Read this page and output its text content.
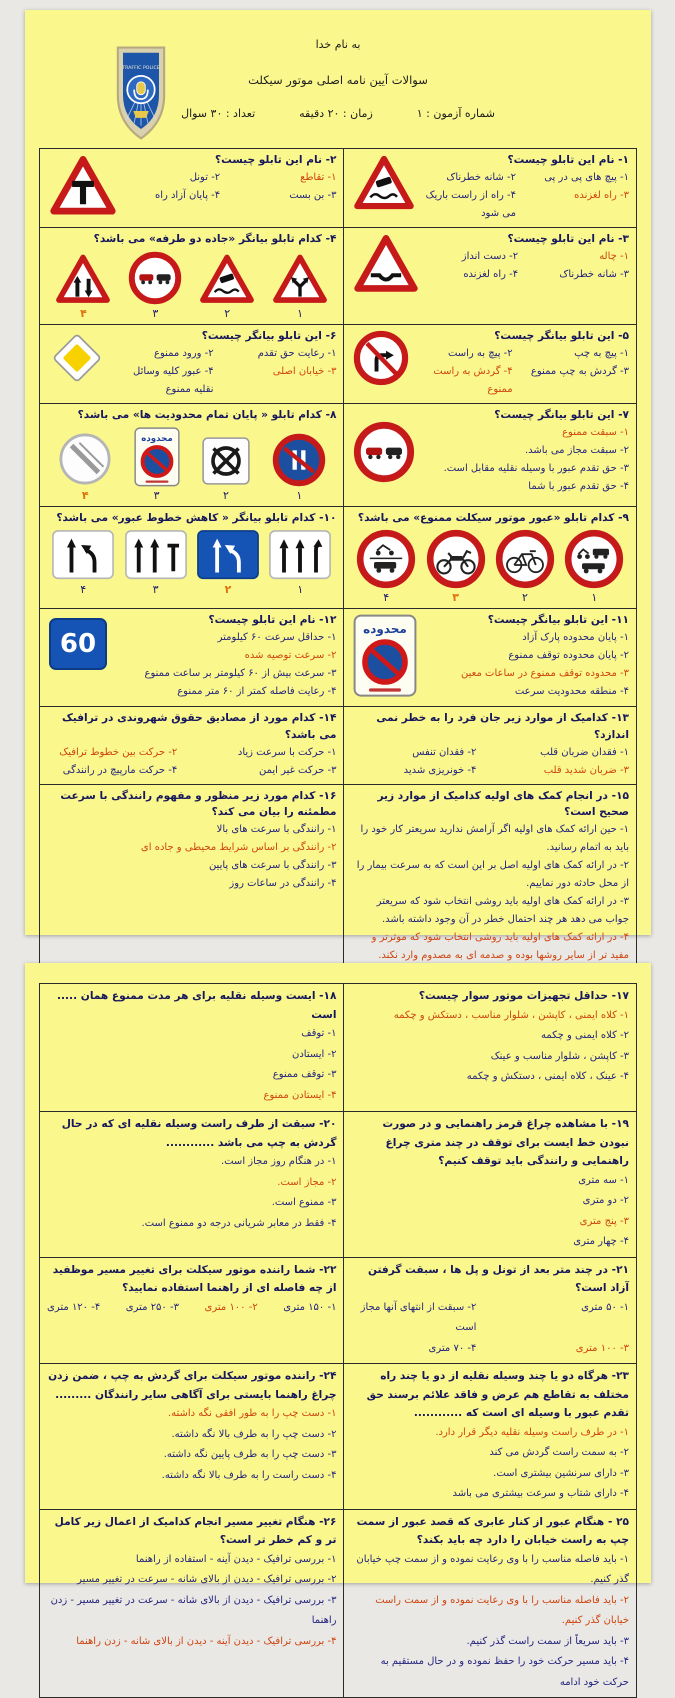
TRAFFIC POLICE
به نام خدا
سوالات آیین نامه اصلی موتور سیکلت
تعداد : ۳۰ سوال	زمان : ۲۰ دقیقه	شماره آزمون : ۱
۱- نام این تابلو چیست؟
۱- پیچ های پی در پی
۲- شانه خطرناک
۳- راه لغزنده
۴- راه از راست باریک می شود

۲- نام این تابلو چیست؟
۱- تقاطع
۲- تونل
۳- بن بست
۴- پایان آزاد راه

۳- نام این تابلو چیست؟
۱- چاله
۲- دست انداز
۳- شانه خطرناک
۴- راه لغزنده

۴- کدام تابلو بیانگر «جاده دو طرفه» می باشد؟
۱
۲
۳
۴

۵- این تابلو بیانگر چیست؟
۱- پیچ به چپ
۲- پیچ به راست
۳- گردش به چپ ممنوع
۴- گردش به راست ممنوع

۶- این تابلو بیانگر چیست؟
۱- رعایت حق تقدم
۲- ورود ممنوع
۳- خیابان اصلی
۴- عبور کلیه وسائل نقلیه ممنوع

۷- این تابلو بیانگر چیست؟
۱- سبقت ممنوع
۲- سبقت مجاز می باشد.
۳- حق تقدم عبور با وسیله نقلیه مقابل است.
۴- حق تقدم عبور با شما

۸- کدام تابلو « پایان تمام محدودیت ها» می باشد؟
۱
۲
محدوده
۳
۴

۹- کدام تابلو «عبور موتور سیکلت ممنوع» می باشد؟
۱
۲
۳
۴

۱۰- کدام تابلو بیانگر « کاهش خطوط عبور» می باشد؟
۱
۲
۳
۴

۱۱- این تابلو بیانگر چیست؟
۱- پایان محدوده پارک آزاد
۲- پایان محدوده توقف ممنوع
۳- محدوده توقف ممنوع در ساعات معین
۴- منطقه محدودیت سرعت
محدوده

۱۲- نام این تابلو چیست؟
۱- حداقل سرعت ۶۰ کیلومتر
۲- سرعت توصیه شده
۳- سرعت بیش از ۶۰ کیلومتر بر ساعت ممنوع
۴- رعایت فاصله کمتر از ۶۰ متر ممنوع
60

۱۳- کدامیک از موارد زیر جان فرد را به خطر نمی اندازد؟
۱- فقدان ضربان قلب
۲- فقدان تنفس
۳- ضربان شدید قلب
۴- خونریزی شدید

۱۴- کدام مورد از مصادیق حقوق شهروندی در ترافیک می باشد؟
۱- حرکت با سرعت زیاد
۲- حرکت بین خطوط ترافیک
۳- حرکت غیر ایمن
۴- حرکت مارپیچ در رانندگی

۱۵- در انجام کمک های اولیه کدامیک از موارد زیر صحیح است؟
۱- حین ارائه کمک های اولیه اگر آرامش ندارید سریعتر کار خود را باید به اتمام رسانید.
۲- در ارائه کمک های اولیه اصل بر این است که به سرعت بیمار را از محل حادثه دور نماییم.
۳- در ارائه کمک های اولیه باید روشی انتخاب شود که سریعتر جواب می دهد هر چند احتمال خطر در آن وجود داشته باشد.
۴- در ارائه کمک های اولیه باید روشی انتخاب شود که موثرتر و مفید تر از سایر روشها بوده و صدمه ای به مصدوم وارد نکند.

۱۶- کدام مورد زیر منظور و مفهوم رانندگی با سرعت مطمئنه را بیان می کند؟
۱- رانندگی با سرعت های بالا
۲- رانندگی بر اساس شرایط محیطی و جاده ای
۳- رانندگی با سرعت های پایین
۴- رانندگی در ساعات روز
۱۷- حداقل تجهیزات موتور سوار چیست؟
۱- کلاه ایمنی ، کاپشن ، شلوار مناسب ، دستکش و چکمه
۲- کلاه ایمنی و چکمه
۳- کاپشن ، شلوار مناسب و عینک
۴- عینک ، کلاه ایمنی ، دستکش و چکمه

۱۸- ایست وسیله نقلیه برای هر مدت ممنوع همان ..... است
۱- توقف
۲- ایستادن
۳- توقف ممنوع
۴- ایستادن ممنوع

۱۹- با مشاهده چراغ قرمز راهنمایی و در صورت نبودن خط ایست برای توقف در چند متری چراغ راهنمایی و رانندگی باید توقف کنیم؟
۱- سه متری
۲- دو متری
۳- پنج متری
۴- چهار متری

۲۰- سبقت از طرف راست وسیله نقلیه ای که در حال گردش به چپ می باشد ............
۱- در هنگام روز مجاز است.
۲- مجاز است.
۳- ممنوع است.
۴- فقط در معابر شریانی درجه دو ممنوع است.

۲۱- در چند متر بعد از تونل و پل ها ، سبقت گرفتن آزاد است؟
۱- ۵۰ متری
۲- سبقت از انتهای آنها مجاز است
۳- ۱۰۰ متری
۴- ۷۰ متری

۲۲- شما راننده موتور سیکلت برای تغییر مسیر موظفید از چه فاصله ای از راهنما استفاده نمایید؟
۱- ۱۵۰ متری
۲- ۱۰۰ متری
۳- ۲۵۰ متری
۴- ۱۲۰ متری

۲۳- هرگاه دو یا چند وسیله نقلیه از دو یا چند راه مختلف به تقاطع هم عرض و فاقد علائم برسند حق تقدم عبور با وسیله ای است که ............
۱- در طرف راست وسیله نقلیه دیگر قرار دارد.
۲- به سمت راست گردش می کند
۳- دارای سرنشین بیشتری است.
۴- دارای شتاب و سرعت بیشتری می باشد

۲۴- راننده موتور سیکلت برای گردش به چپ ، ضمن زدن چراغ راهنما بایستی برای آگاهی سایر رانندگان .........
۱- دست چپ را به طور افقی نگه داشته.
۲- دست چپ را به طرف بالا نگه داشته.
۳- دست چپ را به طرف پایین نگه داشته.
۴- دست راست را به طرف بالا نگه داشته.

۲۵ - هنگام عبور از کنار عابری که قصد عبور از سمت چپ به راست خیابان را دارد چه باید بکند؟
۱- باید فاصله مناسب را با وی رعایت نموده و از سمت چپ خیابان گذر کنیم.
۲- باید فاصله مناسب را با وی رعایت نموده و از سمت راست خیابان گذر کنیم.
۳- باید سریعاً از سمت راست گذر کنیم.
۴- باید مسیر حرکت خود را حفظ نموده و در حال مستقیم به حرکت خود ادامه

۲۶- هنگام تغییر مسیر انجام کدامیک از اعمال زیر کامل تر و کم خطر تر است؟
۱- بررسی ترافیک - دیدن آینه - استفاده از راهنما
۲- بررسی ترافیک - دیدن از بالای شانه - سرعت در تغییر مسیر
۳- بررسی ترافیک - دیدن از بالای شانه - سرعت در تغییر مسیر - زدن راهنما
۴- بررسی ترافیک - دیدن آینه - دیدن از بالای شانه - زدن راهنما
